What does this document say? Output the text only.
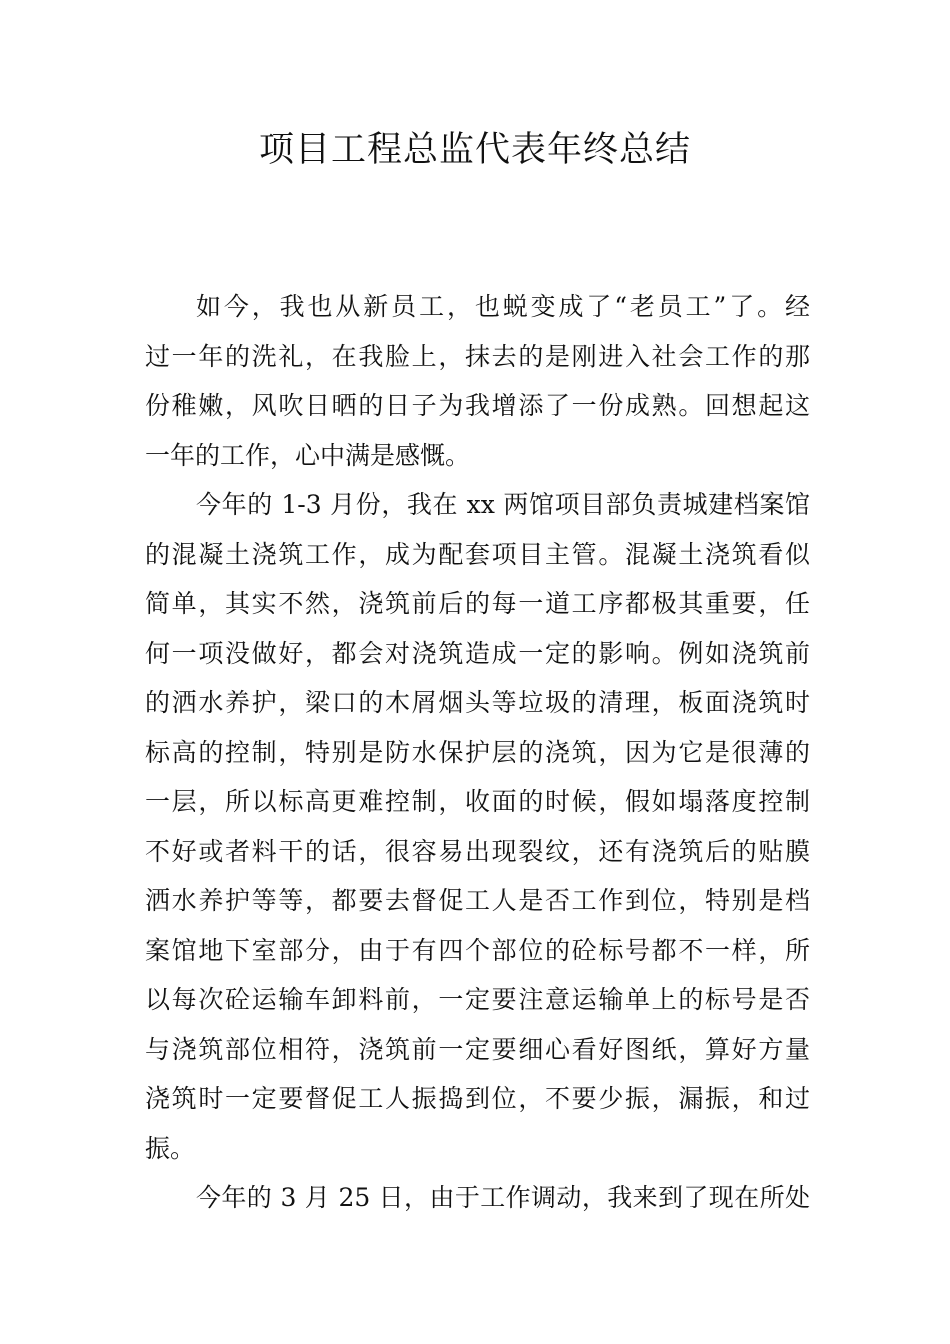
项目工程总监代表年终总结
如今，我也从新员工，也蜕变成了“老员工”了。经
过一年的洗礼，在我脸上，抹去的是刚进入社会工作的那
份稚嫩，风吹日晒的日子为我增添了一份成熟。回想起这
一年的工作，心中满是感慨。
今年的 1-3 月份，我在 xx 两馆项目部负责城建档案馆
的混凝土浇筑工作，成为配套项目主管。混凝土浇筑看似
简单，其实不然，浇筑前后的每一道工序都极其重要，任
何一项没做好，都会对浇筑造成一定的影响。例如浇筑前
的洒水养护，梁口的木屑烟头等垃圾的清理，板面浇筑时
标高的控制，特别是防水保护层的浇筑，因为它是很薄的
一层，所以标高更难控制，收面的时候，假如塌落度控制
不好或者料干的话，很容易出现裂纹，还有浇筑后的贴膜
洒水养护等等，都要去督促工人是否工作到位，特别是档
案馆地下室部分，由于有四个部位的砼标号都不一样，所
以每次砼运输车卸料前，一定要注意运输单上的标号是否
与浇筑部位相符，浇筑前一定要细心看好图纸，算好方量
浇筑时一定要督促工人振捣到位，不要少振，漏振，和过
振。
今年的 3 月 25 日，由于工作调动，我来到了现在所处
